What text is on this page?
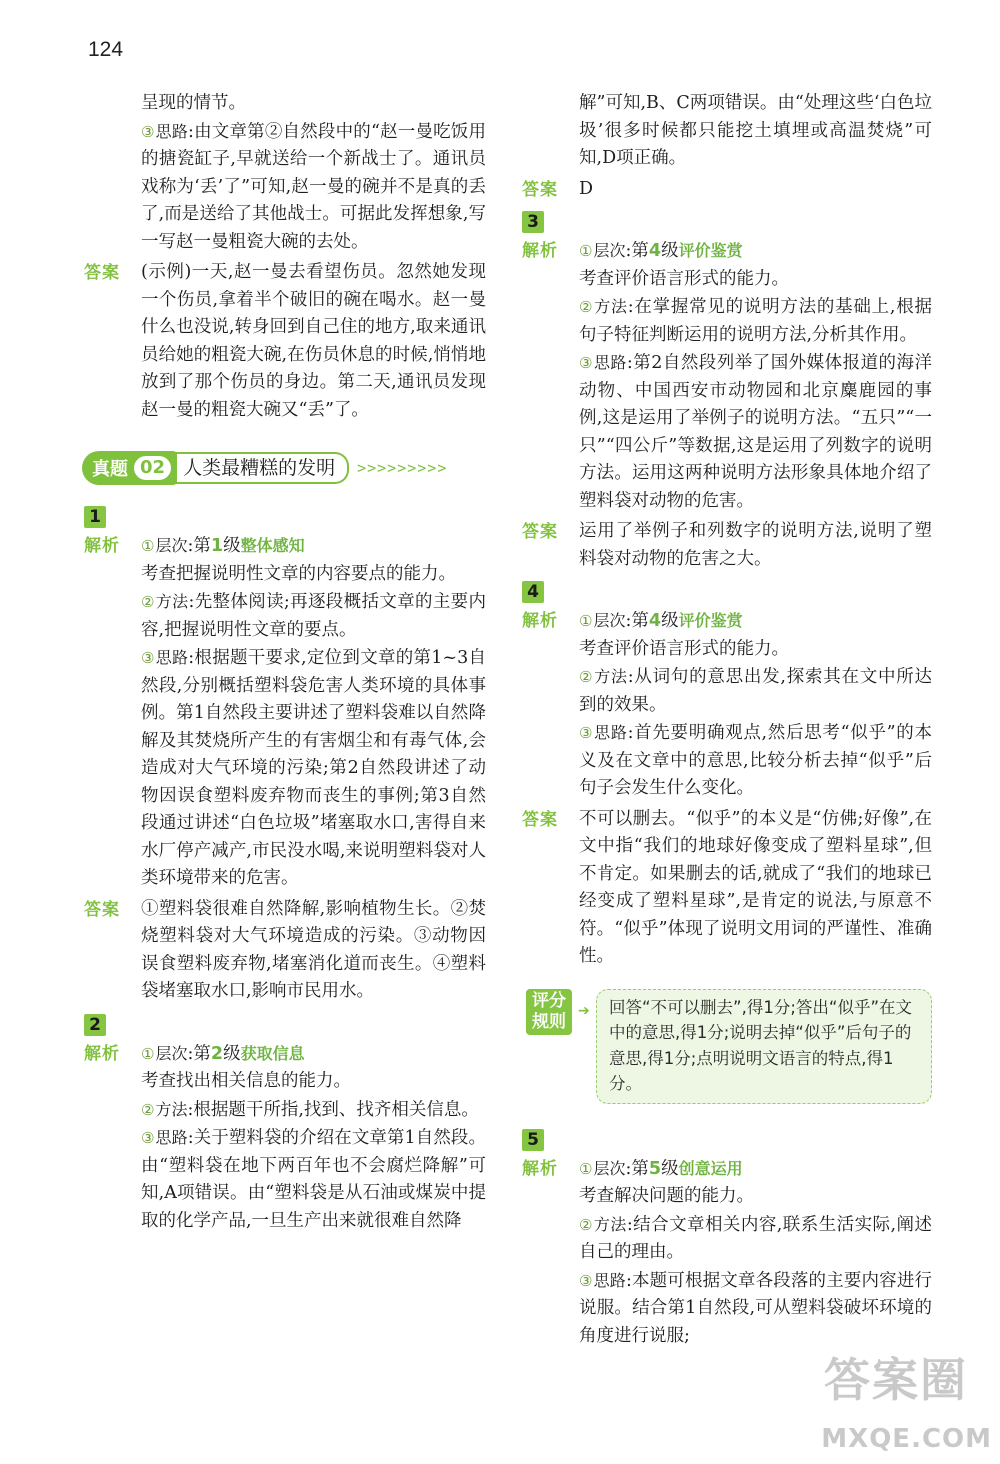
124

呈现的情节。

③思路:由文章第②自然段中的“赵一曼吃饭用的搪瓷缸子,早就送给一个新战士了。通讯员戏称为‘丢’了”可知,赵一曼的碗并不是真的丢了,而是送给了其他战士。可据此发挥想象,写一写赵一曼粗瓷大碗的去处。

答案 (示例)一天,赵一曼去看望伤员。忽然她发现一个伤员,拿着半个破旧的碗在喝水。赵一曼什么也没说,转身回到自己住的地方,取来通讯员给她的粗瓷大碗,在伤员休息的时候,悄悄地放到了那个伤员的身边。第二天,通讯员发现赵一曼的粗瓷大碗又“丢”了。

真题 02 人类最糟糕的发明	>>>>>>>>>
1
解析 ①层次:第1级整体感知

考查把握说明性文章的内容要点的能力。

②方法:先整体阅读;再逐段概括文章的主要内容,把握说明性文章的要点。

③思路:根据题干要求,定位到文章的第1~3自然段,分别概括塑料袋危害人类环境的具体事例。第1自然段主要讲述了塑料袋难以自然降解及其焚烧所产生的有害烟尘和有毒气体,会造成对大气环境的污染;第2自然段讲述了动物因误食塑料废弃物而丧生的事例;第3自然段通过讲述“白色垃圾”堵塞取水口,害得自来水厂停产减产,市民没水喝,来说明塑料袋对人类环境带来的危害。

答案 ①塑料袋很难自然降解,影响植物生长。②焚烧塑料袋对大气环境造成的污染。③动物因误食塑料废弃物,堵塞消化道而丧生。④塑料袋堵塞取水口,影响市民用水。

2
解析 ①层次:第2级获取信息

考查找出相关信息的能力。

②方法:根据题干所指,找到、找齐相关信息。

③思路:关于塑料袋的介绍在文章第1自然段。由“塑料袋在地下两百年也不会腐烂降解”可知,A项错误。由“塑料袋是从石油或煤炭中提取的化学产品,一旦生产出来就很难自然降

解”可知,B、C两项错误。由“处理这些‘白色垃圾’很多时候都只能挖土填埋或高温焚烧”可知,D项正确。

答案 D

3
解析 ①层次:第4级评价鉴赏

考查评价语言形式的能力。

②方法:在掌握常见的说明方法的基础上,根据句子特征判断运用的说明方法,分析其作用。

③思路:第2自然段列举了国外媒体报道的海洋动物、中国西安市动物园和北京麋鹿园的事例,这是运用了举例子的说明方法。“五只”“一只”“四公斤”等数据,这是运用了列数字的说明方法。运用这两种说明方法形象具体地介绍了塑料袋对动物的危害。

答案 运用了举例子和列数字的说明方法,说明了塑料袋对动物的危害之大。

4
解析 ①层次:第4级评价鉴赏

考查评价语言形式的能力。

②方法:从词句的意思出发,探索其在文中所达到的效果。

③思路:首先要明确观点,然后思考“似乎”的本义及在文章中的意思,比较分析去掉“似乎”后句子会发生什么变化。

答案 不可以删去。“似乎”的本义是“仿佛;好像”,在文中指“我们的地球好像变成了塑料星球”,但不肯定。如果删去的话,就成了“我们的地球已经变成了塑料星球”,是肯定的说法,与原意不符。“似乎”体现了说明文用词的严谨性、准确性。

评分规则
➔	回答“不可以删去”,得1分;答出“似乎”在文中的意思,得1分;说明去掉“似乎”后句子的意思,得1分;点明说明文语言的特点,得1分。
5
解析 ①层次:第5级创意运用

考查解决问题的能力。

②方法:结合文章相关内容,联系生活实际,阐述自己的理由。

③思路:本题可根据文章各段落的主要内容进行说服。结合第1自然段,可从塑料袋破坏环境的角度进行说服;

答案圈
MXQE.COM
